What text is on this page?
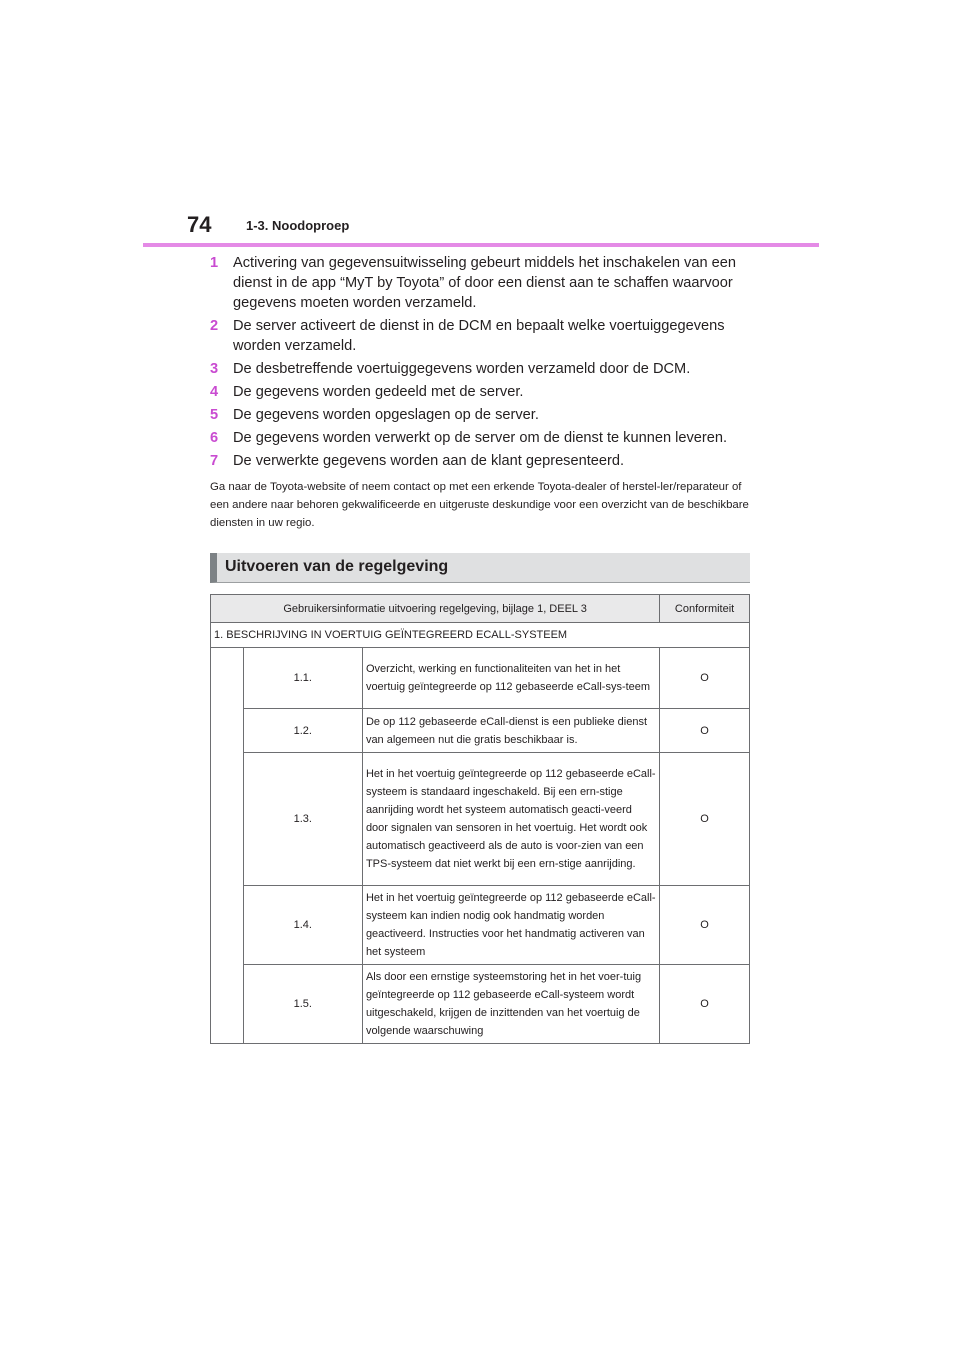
74	1-3. Noodoproep
1 Activering van gegevensuitwisseling gebeurt middels het inschakelen van een dienst in de app “MyT by Toyota” of door een dienst aan te schaffen waarvoor gegevens moeten worden verzameld.
2 De server activeert de dienst in de DCM en bepaalt welke voertuiggegevens worden verzameld.
3 De desbetreffende voertuiggegevens worden verzameld door de DCM.
4 De gegevens worden gedeeld met de server.
5 De gegevens worden opgeslagen op de server.
6 De gegevens worden verwerkt op de server om de dienst te kunnen leveren.
7 De verwerkte gegevens worden aan de klant gepresenteerd.
Ga naar de Toyota-website of neem contact op met een erkende Toyota-dealer of herstel-ler/reparateur of een andere naar behoren gekwalificeerde en uitgeruste deskundige voor een overzicht van de beschikbare diensten in uw regio.
Uitvoeren van de regelgeving
Gebruikersinformatie uitvoering regelgeving, bijlage 1, DEEL 3			Conformiteit
1. BESCHRIJVING IN VOERTUIG GEÏNTEGREERD ECALL-SYSTEEM			
	1.1.	Overzicht, werking en functionaliteiten van het in het voertuig geïntegreerde op 112 gebaseerde eCall-sys-teem	O
	1.2.	De op 112 gebaseerde eCall-dienst is een publieke dienst van algemeen nut die gratis beschikbaar is.	O
	1.3.	Het in het voertuig geïntegreerde op 112 gebaseerde eCall-systeem is standaard ingeschakeld. Bij een ern-stige aanrijding wordt het systeem automatisch geacti-veerd door signalen van sensoren in het voertuig. Het wordt ook automatisch geactiveerd als de auto is voor-zien van een TPS-systeem dat niet werkt bij een ern-stige aanrijding.	O
	1.4.	Het in het voertuig geïntegreerde op 112 gebaseerde eCall-systeem kan indien nodig ook handmatig worden geactiveerd. Instructies voor het handmatig activeren van het systeem	O
	1.5.	Als door een ernstige systeemstoring het in het voer-tuig geïntegreerde op 112 gebaseerde eCall-systeem wordt uitgeschakeld, krijgen de inzittenden van het voertuig de volgende waarschuwing	O
